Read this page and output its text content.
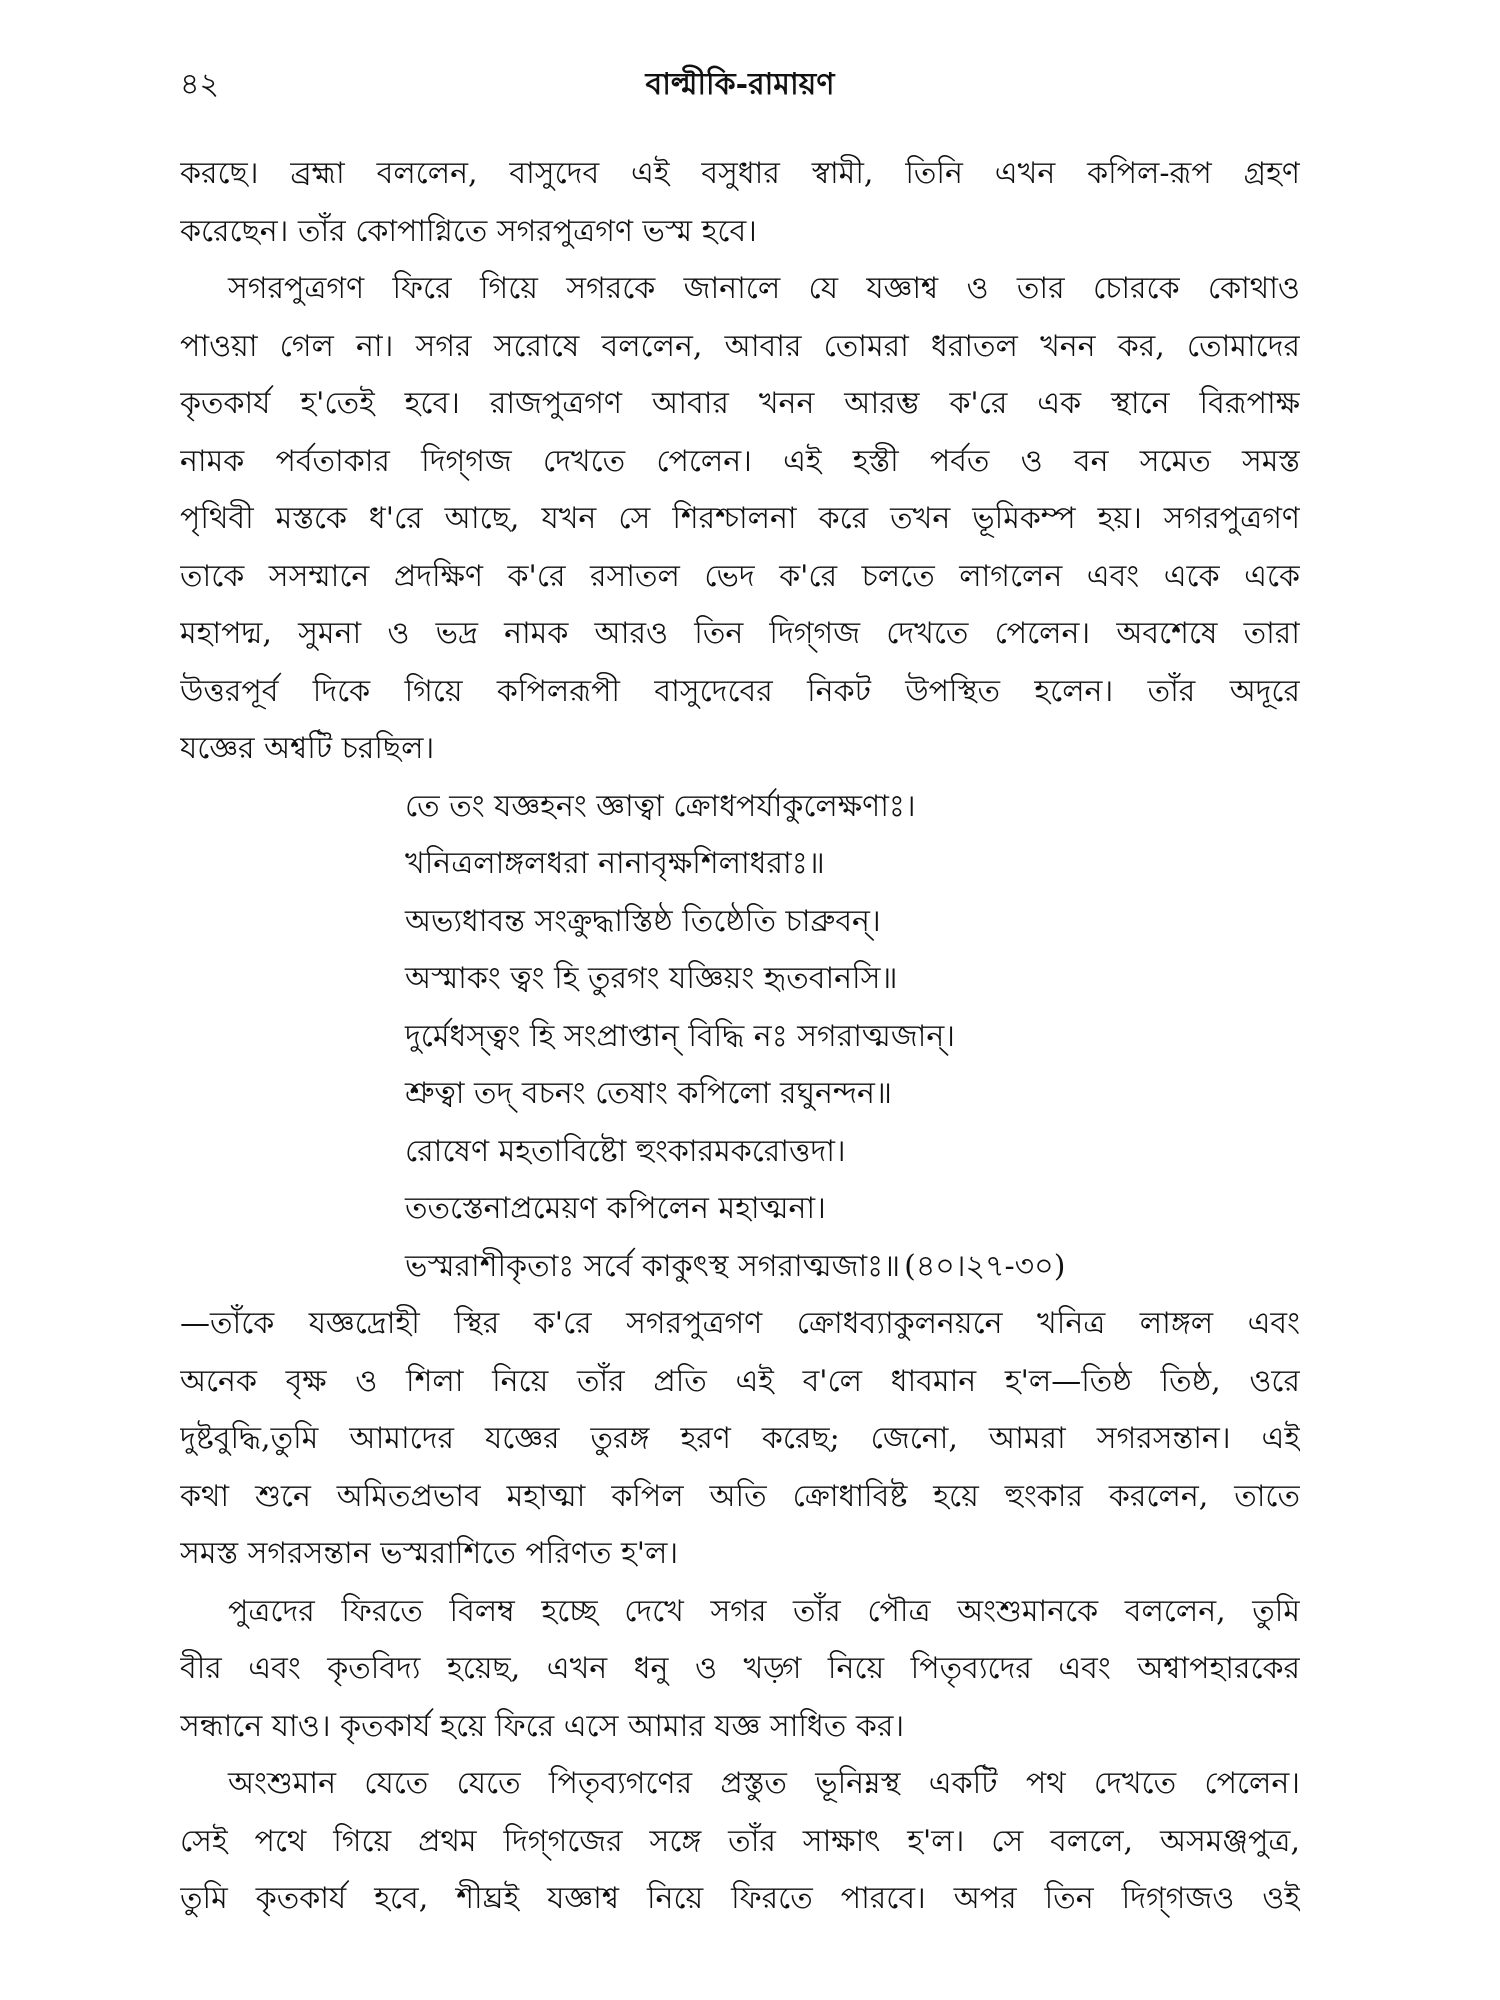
৪২	বাল্মীকি-রামায়ণ
করছে। ব্রহ্মা বললেন, বাসুদেব এই বসুধার স্বামী, তিনি এখন কপিল-রূপ গ্রহণ
করেছেন। তাঁর কোপাগ্নিতে সগরপুত্রগণ ভস্ম হবে।
সগরপুত্রগণ ফিরে গিয়ে সগরকে জানালে যে যজ্ঞাশ্ব ও তার চোরকে কোথাও
পাওয়া গেল না। সগর সরোষে বললেন, আবার তোমরা ধরাতল খনন কর, তোমাদের
কৃতকার্য হ'তেই হবে। রাজপুত্রগণ আবার খনন আরম্ভ ক'রে এক স্থানে বিরূপাক্ষ
নামক পর্বতাকার দিগ্‌গজ দেখতে পেলেন। এই হস্তী পর্বত ও বন সমেত সমস্ত
পৃথিবী মস্তকে ধ'রে আছে, যখন সে শিরশ্চালনা করে তখন ভূমিকম্প হয়। সগরপুত্রগণ
তাকে সসম্মানে প্রদক্ষিণ ক'রে রসাতল ভেদ ক'রে চলতে লাগলেন এবং একে একে
মহাপদ্ম, সুমনা ও ভদ্র নামক আরও তিন দিগ্‌গজ দেখতে পেলেন। অবশেষে তারা
উত্তরপূর্ব দিকে গিয়ে কপিলরূপী বাসুদেবের নিকট উপস্থিত হলেন। তাঁর অদূরে
যজ্ঞের অশ্বটি চরছিল।
তে তং যজ্ঞহনং জ্ঞাত্বা ক্রোধপর্যাকুলেক্ষণাঃ।
খনিত্রলাঙ্গলধরা নানাবৃক্ষশিলাধরাঃ॥
অভ্যধাবন্ত সংক্রুদ্ধাস্তিষ্ঠ তিষ্ঠেতি চাব্রুবন্‌।
অস্মাকং ত্বং হি তুরগং যজ্ঞিয়ং হৃতবানসি॥
দুর্মেধস্ত্বং হি সংপ্রাপ্তান্‌ বিদ্ধি নঃ সগরাত্মজান্‌।
শ্রুত্বা তদ্‌ বচনং তেষাং কপিলো রঘুনন্দন॥
রোষেণ মহতাবিষ্টো হুংকারমকরোত্তদা।
ততস্তেনাপ্রমেয়ণ কপিলেন মহাত্মনা।
ভস্মরাশীকৃতাঃ সর্বে কাকুৎস্থ সগরাত্মজাঃ॥ (৪০।২৭-৩০)
—তাঁকে যজ্ঞদ্রোহী স্থির ক'রে সগরপুত্রগণ ক্রোধব্যাকুলনয়নে খনিত্র লাঙ্গল এবং
অনেক বৃক্ষ ও শিলা নিয়ে তাঁর প্রতি এই ব'লে ধাবমান হ'ল—তিষ্ঠ তিষ্ঠ, ওরে
দুষ্টবুদ্ধি,তুমি আমাদের যজ্ঞের তুরঙ্গ হরণ করেছ; জেনো, আমরা সগরসন্তান। এই
কথা শুনে অমিতপ্রভাব মহাত্মা কপিল অতি ক্রোধাবিষ্ট হয়ে হুংকার করলেন, তাতে
সমস্ত সগরসন্তান ভস্মরাশিতে পরিণত হ'ল।
পুত্রদের ফিরতে বিলম্ব হচ্ছে দেখে সগর তাঁর পৌত্র অংশুমানকে বললেন, তুমি
বীর এবং কৃতবিদ্য হয়েছ, এখন ধনু ও খড়্গ নিয়ে পিতৃব্যদের এবং অশ্বাপহারকের
সন্ধানে যাও। কৃতকার্য হয়ে ফিরে এসে আমার যজ্ঞ সাধিত কর।
অংশুমান যেতে যেতে পিতৃব্যগণের প্রস্তুত ভূনিম্নস্থ একটি পথ দেখতে পেলেন।
সেই পথে গিয়ে প্রথম দিগ্‌গজের সঙ্গে তাঁর সাক্ষাৎ হ'ল। সে বললে, অসমঞ্জপুত্র,
তুমি কৃতকার্য হবে, শীঘ্রই যজ্ঞাশ্ব নিয়ে ফিরতে পারবে। অপর তিন দিগ্‌গজও ওই
